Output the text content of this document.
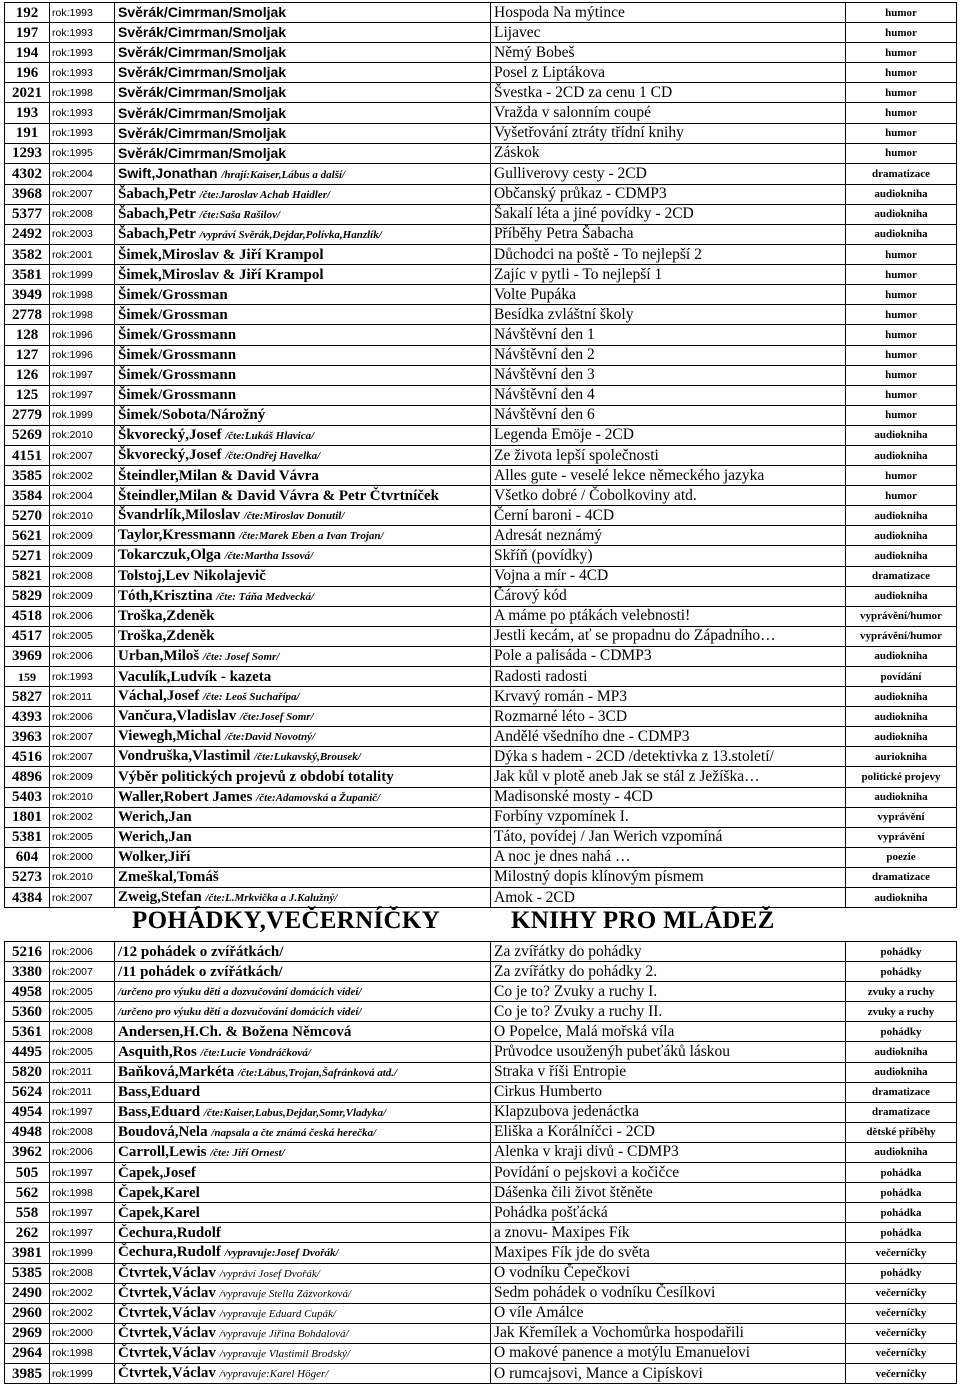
192	rok:1993	Svěrák/Cimrman/Smoljak	Hospoda Na mýtince	humor
197	rok:1993	Svěrák/Cimrman/Smoljak	Lijavec	humor
194	rok:1993	Svěrák/Cimrman/Smoljak	Němý Bobeš	humor
196	rok:1993	Svěrák/Cimrman/Smoljak	Posel z Liptákova	humor
2021	rok:1998	Svěrák/Cimrman/Smoljak	Švestka - 2CD za cenu 1 CD	humor
193	rok:1993	Svěrák/Cimrman/Smoljak	Vražda v salonním coupé	humor
191	rok:1993	Svěrák/Cimrman/Smoljak	Vyšetřování ztráty třídní knihy	humor
1293	rok:1995	Svěrák/Cimrman/Smoljak	Záskok	humor
4302	rok:2004	Swift,Jonathan /hrají:Kaiser,Lábus a další/	Gulliverovy cesty - 2CD	dramatizace
3968	rok:2007	Šabach,Petr /čte:Jaroslav Achab Haidler/	Občanský průkaz - CDMP3	audiokniha
5377	rok:2008	Šabach,Petr /čte:Saša Rašilov/	Šakalí léta a jiné povídky - 2CD	audiokniha
2492	rok:2003	Šabach,Petr /vypráví Svěrák,Dejdar,Polívka,Hanzlík/	Příběhy Petra Šabacha	audiokniha
3582	rok:2001	Šimek,Miroslav & Jiří Krampol	Důchodci na poště - To nejlepší 2	humor
3581	rok:1999	Šimek,Miroslav & Jiří Krampol	Zajíc v pytli - To nejlepší 1	humor
3949	rok:1998	Šimek/Grossman	Volte Pupáka	humor
2778	rok:1998	Šimek/Grossman	Besídka zvláštní školy	humor
128	rok:1996	Šimek/Grossmann	Návštěvní den 1	humor
127	rok:1996	Šimek/Grossmann	Návštěvní den 2	humor
126	rok:1997	Šimek/Grossmann	Návštěvní den 3	humor
125	rok:1997	Šimek/Grossmann	Návštěvní den 4	humor
2779	rok.1999	Šimek/Sobota/Nárožný	Návštěvní den 6	humor
5269	rok:2010	Škvorecký,Josef /čte:Lukáš Hlavica/	Legenda Emöje - 2CD	audiokniha
4151	rok:2007	Škvorecký,Josef /čte:Ondřej Havelka/	Ze života lepší společnosti	audiokniha
3585	rok:2002	Šteindler,Milan & David Vávra	Alles gute - veselé lekce německého jazyka	humor
3584	rok:2004	Šteindler,Milan & David Vávra & Petr Čtvrtníček	Všetko dobré / Čobolkoviny atd.	humor
5270	rok:2010	Švandrlík,Miloslav /čte:Miroslav Donutil/	Černí baroni - 4CD	audiokniha
5621	rok:2009	Taylor,Kressmann /čte:Marek Eben a Ivan Trojan/	Adresát neznámý	audiokniha
5271	rok:2009	Tokarczuk,Olga /čte:Martha Issová/	Skříň (povídky)	audiokniha
5821	rok:2008	Tolstoj,Lev Nikolajevič	Vojna a mír - 4CD	dramatizace
5829	rok:2009	Tóth,Krisztina /čte: Táňa Medvecká/	Čárový kód	audiokniha
4518	rok.2006	Troška,Zdeněk	A máme po ptákách velebnosti!	vyprávění/humor
4517	rok:2005	Troška,Zdeněk	Jestli kecám, ať se propadnu do Západního…	vyprávění/humor
3969	rok:2006	Urban,Miloš /čte: Josef Somr/	Pole a palisáda - CDMP3	audiokniha
159	rok:1993	Vaculík,Ludvík - kazeta	Radosti radosti	povídání
5827	rok:2011	Váchal,Josef /čte: Leoš Suchařípa/	Krvavý román - MP3	audiokniha
4393	rok:2006	Vančura,Vladislav /čte:Josef Somr/	Rozmarné léto - 3CD	audiokniha
3963	rok:2007	Viewegh,Michal /čte:David Novotný/	Andělé všedního dne - CDMP3	audiokniha
4516	rok:2007	Vondruška,Vlastimil /čte:Lukavský,Brousek/	Dýka s hadem - 2CD /detektivka z 13.století/	auriokniha
4896	rok:2009	Výběr politických projevů z období totality	Jak kůl v plotě aneb Jak se stál z Ježíška…	politické projevy
5403	rok:2010	Waller,Robert James /čte:Adamovská a Županič/	Madisonské mosty - 4CD	audiokniha
1801	rok:2002	Werich,Jan	Forbíny vzpomínek I.	vyprávění
5381	rok:2005	Werich,Jan	Táto, povídej / Jan Werich vzpomíná	vyprávění
604	rok:2000	Wolker,Jiří	A noc je dnes nahá …	poezie
5273	rok.2010	Zmeškal,Tomáš	Milostný dopis klínovým písmem	dramatizace
4384	rok:2007	Zweig,Stefan /čte:L.Mrkvička a J.Kalužný/	Amok - 2CD	audiokniha
POHÁDKY,VEČERNÍČKY	KNIHY PRO MLÁDEŽ
5216	rok:2006	/12 pohádek o zvířátkách/	Za zvířátky do pohádky	pohádky
3380	rok:2007	/11 pohádek o zvířátkách/	Za zvířátky do pohádky 2.	pohádky
4958	rok:2005	/určeno pro výuku dětí a dozvučování domácích videí/	Co je to? Zvuky a ruchy I.	zvuky a ruchy
5360	rok:2005	/určeno pro výuku dětí a dozvučování domácích videí/	Co je to? Zvuky a ruchy II.	zvuky a ruchy
5361	rok:2008	Andersen,H.Ch. & Božena Němcová	O Popelce, Malá mořská víla	pohádky
4495	rok:2005	Asquith,Ros /čte:Lucie Vondráčková/	Průvodce usouženýh pubeťáků láskou	audiokniha
5820	rok:2011	Baňková,Markéta /čte:Lábus,Trojan,Šafránková atd./	Straka v říši Entropie	audiokniha
5624	rok:2011	Bass,Eduard	Cirkus Humberto	dramatizace
4954	rok:1997	Bass,Eduard /čte:Kaiser,Labus,Dejdar,Somr,Vladyka/	Klapzubova jedenáctka	dramatizace
4948	rok:2008	Boudová,Nela /napsala a čte známá česká herečka/	Eliška a Korálníčci - 2CD	dětské příběhy
3962	rok:2006	Carroll,Lewis /čte: Jiří Ornest/	Alenka v kraji divů - CDMP3	audiokniha
505	rok:1997	Čapek,Josef	Povídání o pejskovi a kočičce	pohádka
562	rok:1998	Čapek,Karel	Dášenka čili život štěněte	pohádka
558	rok:1997	Čapek,Karel	Pohádka pošťácká	pohádka
262	rok:1997	Čechura,Rudolf	a znovu- Maxipes Fík	pohádka
3981	rok:1999	Čechura,Rudolf /vypravuje:Josef Dvořák/	Maxipes Fík jde do světa	večerníčky
5385	rok:2008	Čtvrtek,Václav /vypráví Josef Dvořák/	O vodníku Čepečkovi	pohádky
2490	rok:2002	Čtvrtek,Václav /vypravuje Stella Zázvorková/	Sedm pohádek o vodníku Česílkovi	večerníčky
2960	rok:2002	Čtvrtek,Václav /vypravuje Eduard Cupák/	O víle Amálce	večerníčky
2969	rok:2000	Čtvrtek,Václav /vypravuje Jiřina Bohdalová/	Jak Křemílek a Vochomůrka hospodařili	večerníčky
2964	rok:1998	Čtvrtek,Václav /vypravuje Vlastimil Brodský/	O makové panence a motýlu Emanuelovi	večerníčky
3985	rok:1999	Čtvrtek,Václav /vypravuje:Karel Höger/	O rumcajsovi, Mance a Cipískovi	večerníčky
